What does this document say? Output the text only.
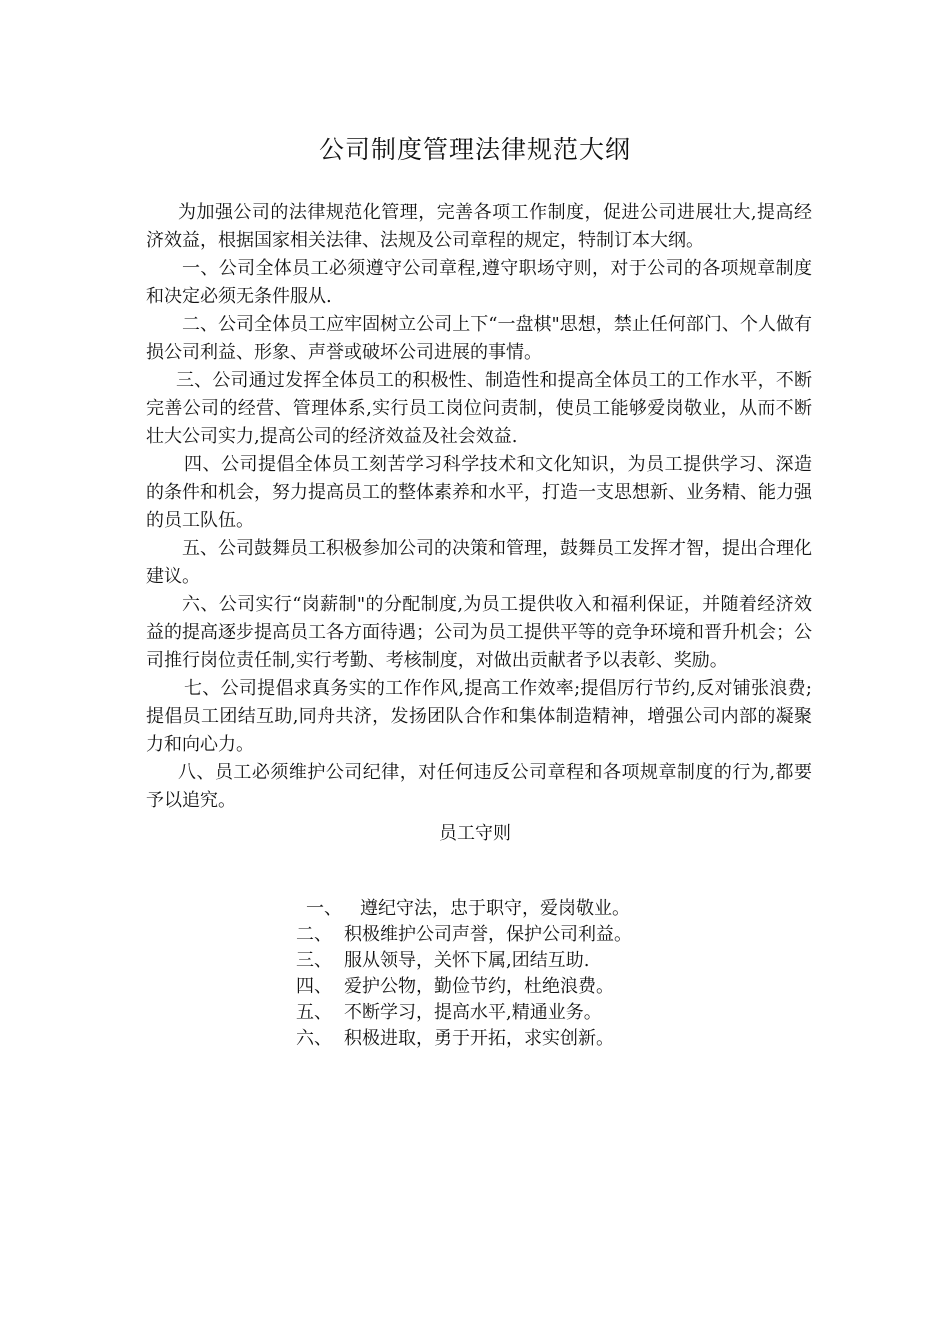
公司制度管理法律规范大纲

为加强公司的法律规范化管理，完善各项工作制度，促进公司进展壮大,提高经济效益，根据国家相关法律、法规及公司章程的规定，特制订本大纲。

一、公司全体员工必须遵守公司章程,遵守职场守则，对于公司的各项规章制度和决定必须无条件服从.

二、公司全体员工应牢固树立公司上下“一盘棋"思想，禁止任何部门、个人做有损公司利益、形象、声誉或破坏公司进展的事情。

三、公司通过发挥全体员工的积极性、制造性和提高全体员工的工作水平，不断完善公司的经营、管理体系,实行员工岗位问责制，使员工能够爱岗敬业，从而不断壮大公司实力,提高公司的经济效益及社会效益.

四、公司提倡全体员工刻苦学习科学技术和文化知识，为员工提供学习、深造的条件和机会，努力提高员工的整体素养和水平，打造一支思想新、业务精、能力强的员工队伍。

五、公司鼓舞员工积极参加公司的决策和管理，鼓舞员工发挥才智，提出合理化建议。

六、公司实行“岗薪制"的分配制度,为员工提供收入和福利保证，并随着经济效益的提高逐步提高员工各方面待遇；公司为员工提供平等的竞争环境和晋升机会；公司推行岗位责任制,实行考勤、考核制度，对做出贡献者予以表彰、奖励。

七、公司提倡求真务实的工作作风,提高工作效率;提倡厉行节约,反对铺张浪费;提倡员工团结互助,同舟共济，发扬团队合作和集体制造精神，增强公司内部的凝聚力和向心力。

八、员工必须维护公司纪律，对任何违反公司章程和各项规章制度的行为,都要予以追究。

员工守则
一、	遵纪守法，忠于职守，爱岗敬业。
二、 积极维护公司声誉，保护公司利益。
三、 服从领导，关怀下属,团结互助.
四、 爱护公物，勤俭节约，杜绝浪费。
五、 不断学习，提高水平,精通业务。
六、 积极进取，勇于开拓，求实创新。
